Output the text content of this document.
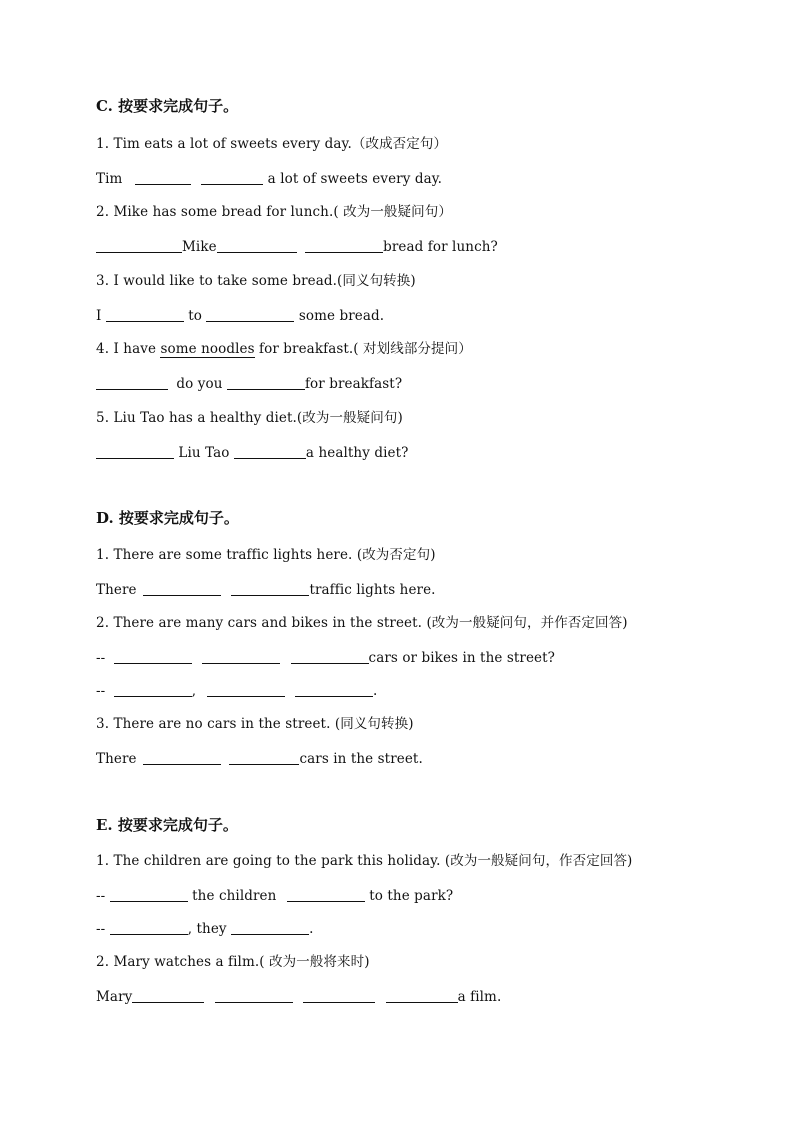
C. 按要求完成句子。
1. Tim eats a lot of sweets every day.（改成否定句）
Tim	a lot of sweets every day.
2. Mike has some bread for lunch.( 改为一般疑问句）
Mike	bread for lunch?
3. I would like to take some bread.(同义句转换)
I	to	some bread.
4. I have some noodles for breakfast.( 对划线部分提问）
do you	for breakfast?
5. Liu Tao has a healthy diet.(改为一般疑问句)
Liu Tao	a healthy diet?
D. 按要求完成句子。
1. There are some traffic lights here. (改为否定句)
There	traffic lights here.
2. There are many cars and bikes in the street. (改为一般疑问句，并作否定回答)
--	cars or bikes in the street?
--	,	.
3. There are no cars in the street. (同义句转换)
There	cars in the street.
E. 按要求完成句子。
1. The children are going to the park this holiday. (改为一般疑问句，作否定回答)
--	the children	to the park?
--	, they	.
2. Mary watches a film.( 改为一般将来时)
Mary	a film.
